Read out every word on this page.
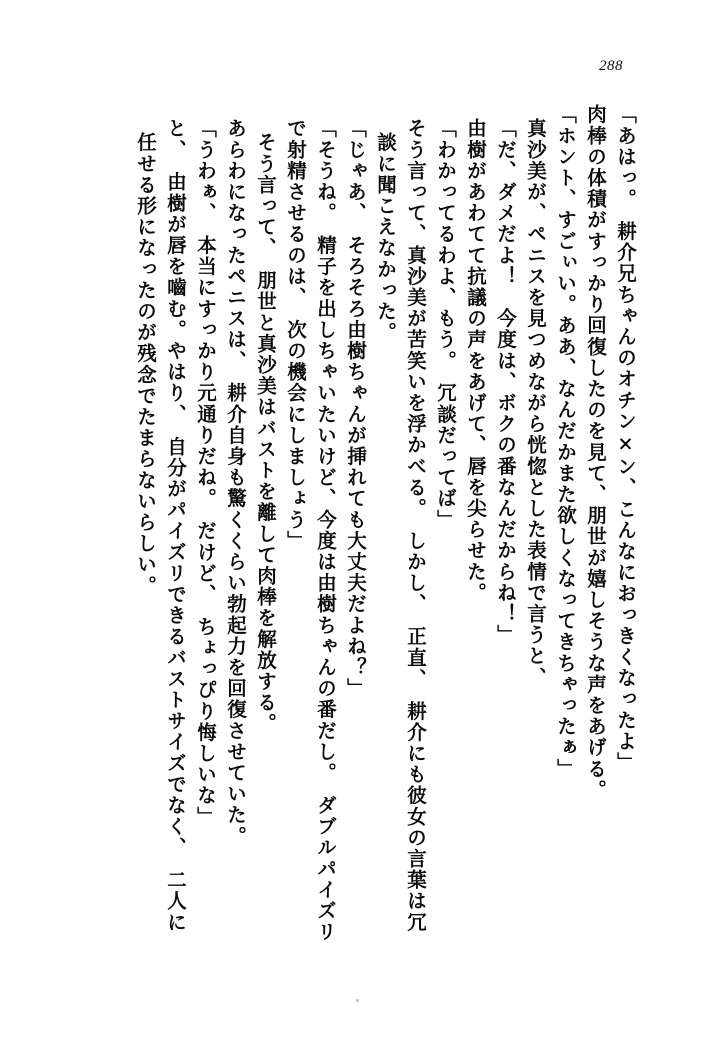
288
「あはっ。　耕介兄ちゃんのオチン×ン、こんなにおっきくなったよ」
肉棒の体積がすっかり回復したのを見て、朋世が嬉しそうな声をあげる。
「ホント、すごぃい。ああ、なんだかまた欲しくなってきちゃったぁ」
真沙美が、ペニスを見つめながら恍惚とした表情で言うと、
「だ、ダメだよ！　今度は、ボクの番なんだからね！」
由樹があわてて抗議の声をあげて、唇を尖らせた。
「わかってるわよ、もう。　冗談だってば」
そう言って、真沙美が苦笑いを浮かべる。　しかし、　正直、　耕介にも彼女の言葉は冗
談に聞こえなかった。
「じゃあ、　そろそろ由樹ちゃんが挿れても大丈夫だよね？」
「そうね。　精子を出しちゃいたいけど、今度は由樹ちゃんの番だし。　ダブルパイズリ
で射精させるのは、　次の機会にしましょう」
そう言って、　朋世と真沙美はバストを離して肉棒を解放する。
あらわになったペニスは、　耕介自身も驚くくらい勃起力を回復させていた。
「うわぁ、　本当にすっかり元通りだね。　だけど、　ちょっぴり悔しいな」
と、　由樹が唇を嚙む。やはり、　自分がパイズリできるバストサイズでなく、　二人に
任せる形になったのが残念でたまらないらしい。
